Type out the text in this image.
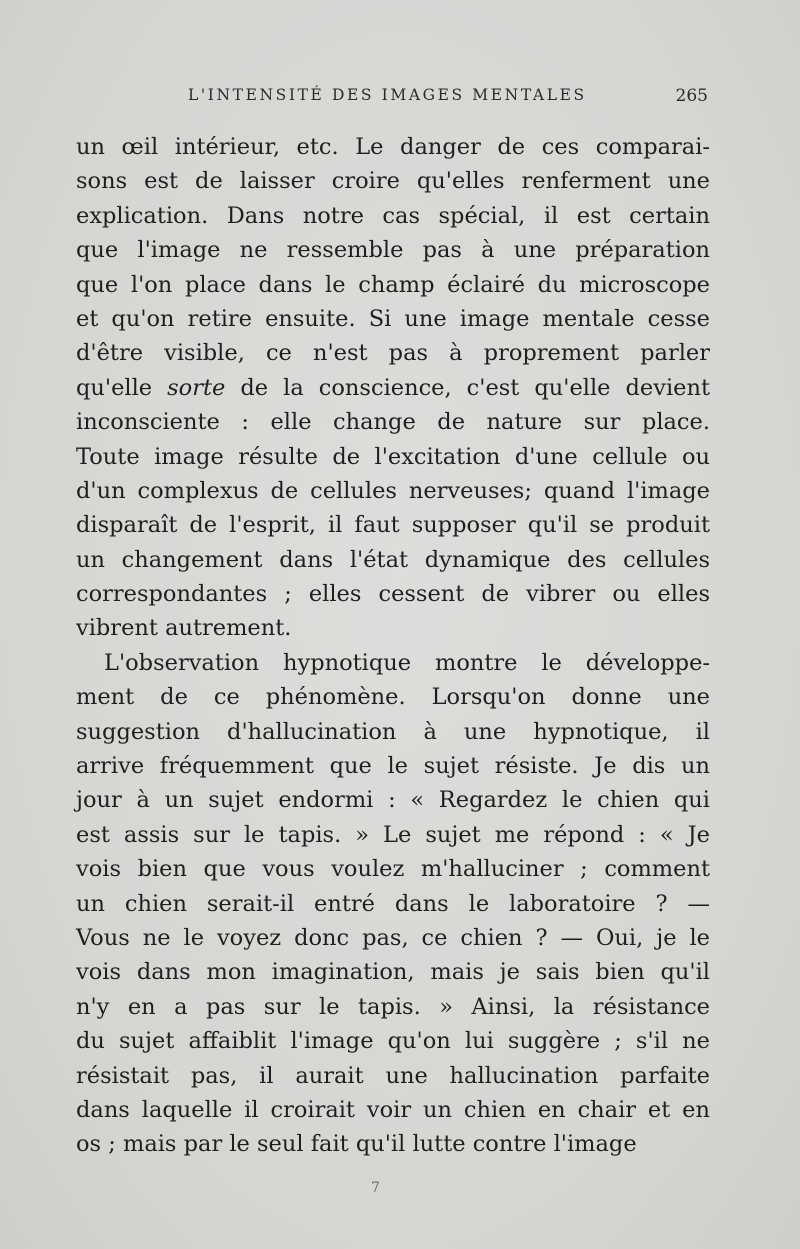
L'INTENSITÉ DES IMAGES MENTALES	265
un œil intérieur, etc. Le danger de ces comparai-
sons est de laisser croire qu'elles renferment une
explication. Dans notre cas spécial, il est certain
que l'image ne ressemble pas à une préparation
que l'on place dans le champ éclairé du microscope
et qu'on retire ensuite. Si une image mentale cesse
d'être visible, ce n'est pas à proprement parler
qu'elle sorte de la conscience, c'est qu'elle devient
inconsciente : elle change de nature sur place.
Toute image résulte de l'excitation d'une cellule ou
d'un complexus de cellules nerveuses; quand l'image
disparaît de l'esprit, il faut supposer qu'il se produit
un changement dans l'état dynamique des cellules
correspondantes ; elles cessent de vibrer ou elles
vibrent autrement.
L'observation hypnotique montre le développe-
ment de ce phénomène. Lorsqu'on donne une
suggestion d'hallucination à une hypnotique, il
arrive fréquemment que le sujet résiste. Je dis un
jour à un sujet endormi : « Regardez le chien qui
est assis sur le tapis. » Le sujet me répond : « Je
vois bien que vous voulez m'halluciner ; comment
un chien serait-il entré dans le laboratoire ? —
Vous ne le voyez donc pas, ce chien ? — Oui, je le
vois dans mon imagination, mais je sais bien qu'il
n'y en a pas sur le tapis. » Ainsi, la résistance
du sujet affaiblit l'image qu'on lui suggère ; s'il ne
résistait pas, il aurait une hallucination parfaite
dans laquelle il croirait voir un chien en chair et en
os ; mais par le seul fait qu'il lutte contre l'image
7
